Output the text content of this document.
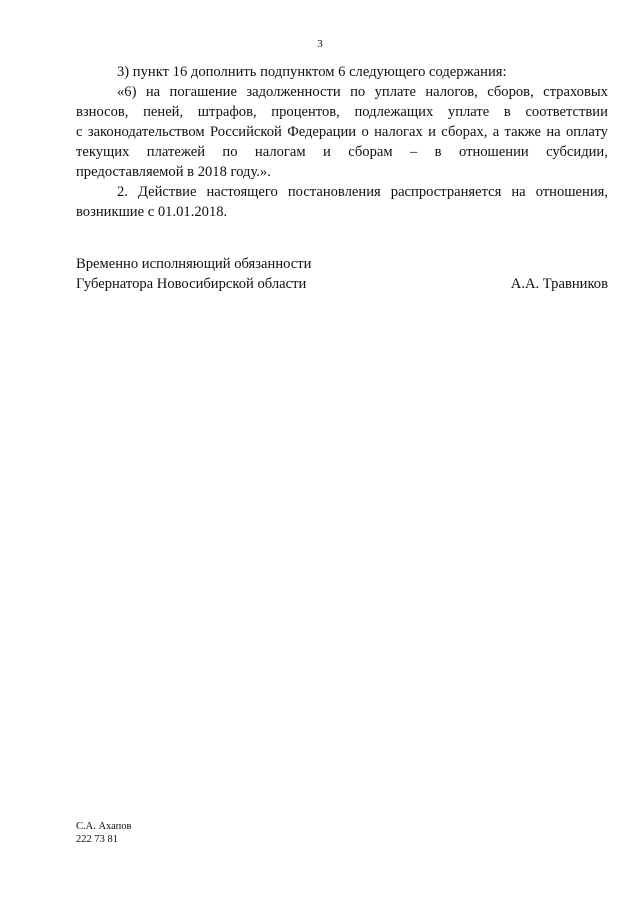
3
3) пункт 16 дополнить подпунктом 6 следующего содержания:
«6) на погашение задолженности по уплате налогов, сборов, страховых
взносов, пеней, штрафов, процентов, подлежащих уплате в соответствии
с законодательством Российской Федерации о налогах и сборах, а также на оплату
текущих платежей по налогам и сборам – в отношении субсидии,
предоставляемой в 2018 году.».
2. Действие настоящего постановления распространяется на отношения,
возникшие с 01.01.2018.
Временно исполняющий обязанности
Губернатора Новосибирской области	А.А. Травников
С.А. Ахапов
222 73 81
